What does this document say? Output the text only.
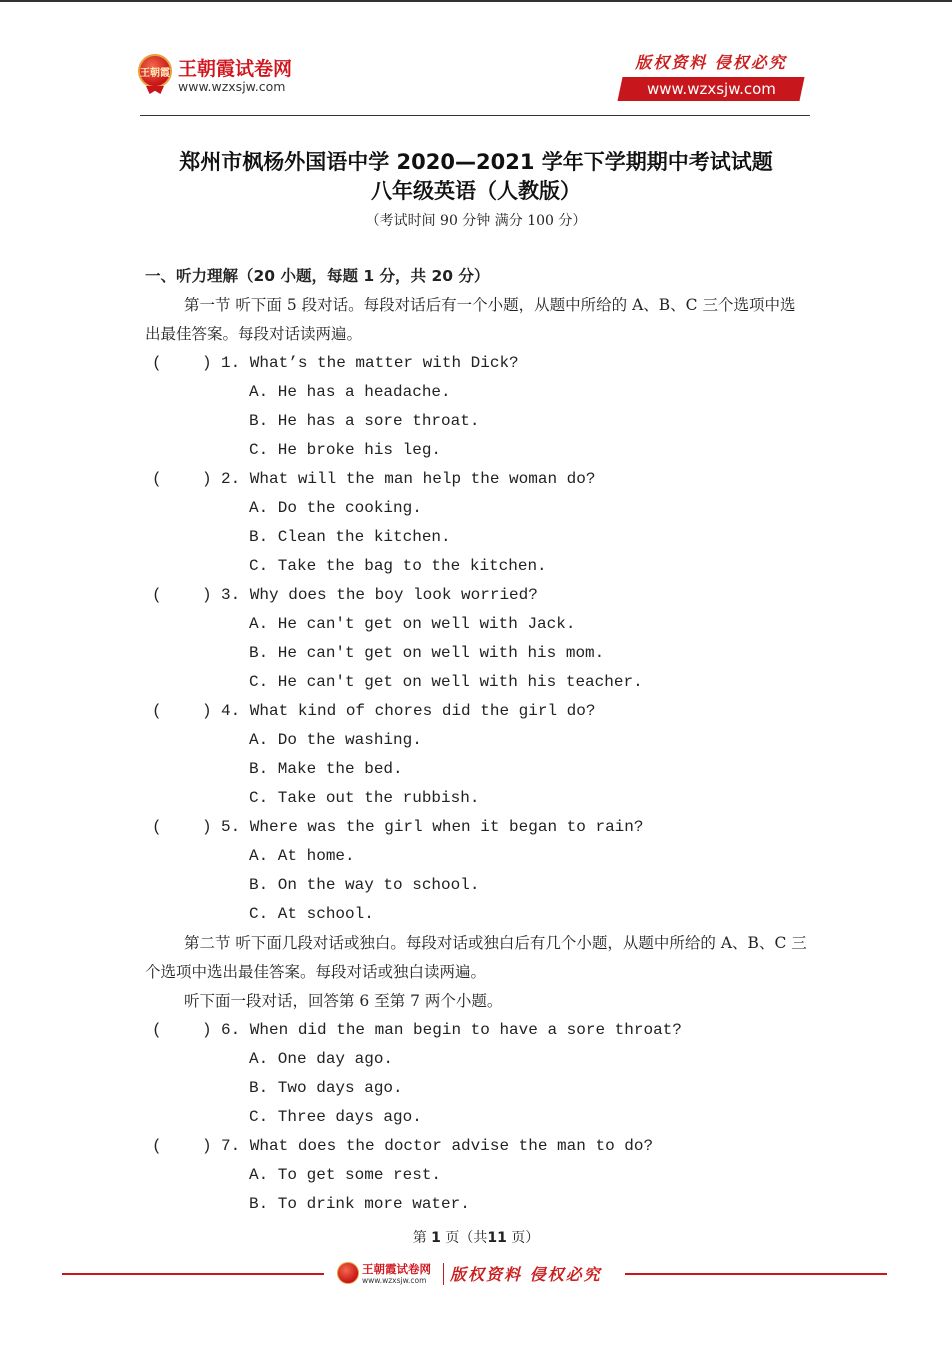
王朝霞 王朝霞试卷网
www.wzxsjw.com
版权资料 侵权必究
www.wzxsjw.com
郑州市枫杨外国语中学 2020—2021 学年下学期期中考试试题
八年级英语（人教版）
（考试时间 90 分钟 满分 100 分）
一、听力理解（20 小题，每题 1 分，共 20 分）
第一节 听下面 5 段对话。每段对话后有一个小题，从题中所给的 A、B、C 三个选项中选出最佳答案。每段对话读两遍。
(	) 1. What’s the matter with Dick?
A. He has a headache.
B. He has a sore throat.
C. He broke his leg.
(	) 2. What will the man help the woman do?
A. Do the cooking.
B. Clean the kitchen.
C. Take the bag to the kitchen.
(	) 3. Why does the boy look worried?
A. He can't get on well with Jack.
B. He can't get on well with his mom.
C. He can't get on well with his teacher.
(	) 4. What kind of chores did the girl do?
A. Do the washing.
B. Make the bed.
C. Take out the rubbish.
(	) 5. Where was the girl when it began to rain?
A. At home.
B. On the way to school.
C. At school.
第二节 听下面几段对话或独白。每段对话或独白后有几个小题，从题中所给的 A、B、C 三个选项中选出最佳答案。每段对话或独白读两遍。
听下面一段对话，回答第 6 至第 7 两个小题。
(	) 6. When did the man begin to have a sore throat?
A. One day ago.
B. Two days ago.
C. Three days ago.
(	) 7. What does the doctor advise the man to do?
A. To get some rest.
B. To drink more water.
第 1 页（共11 页）
王朝霞试卷网
www.wzxsjw.com 版权资料 侵权必究
